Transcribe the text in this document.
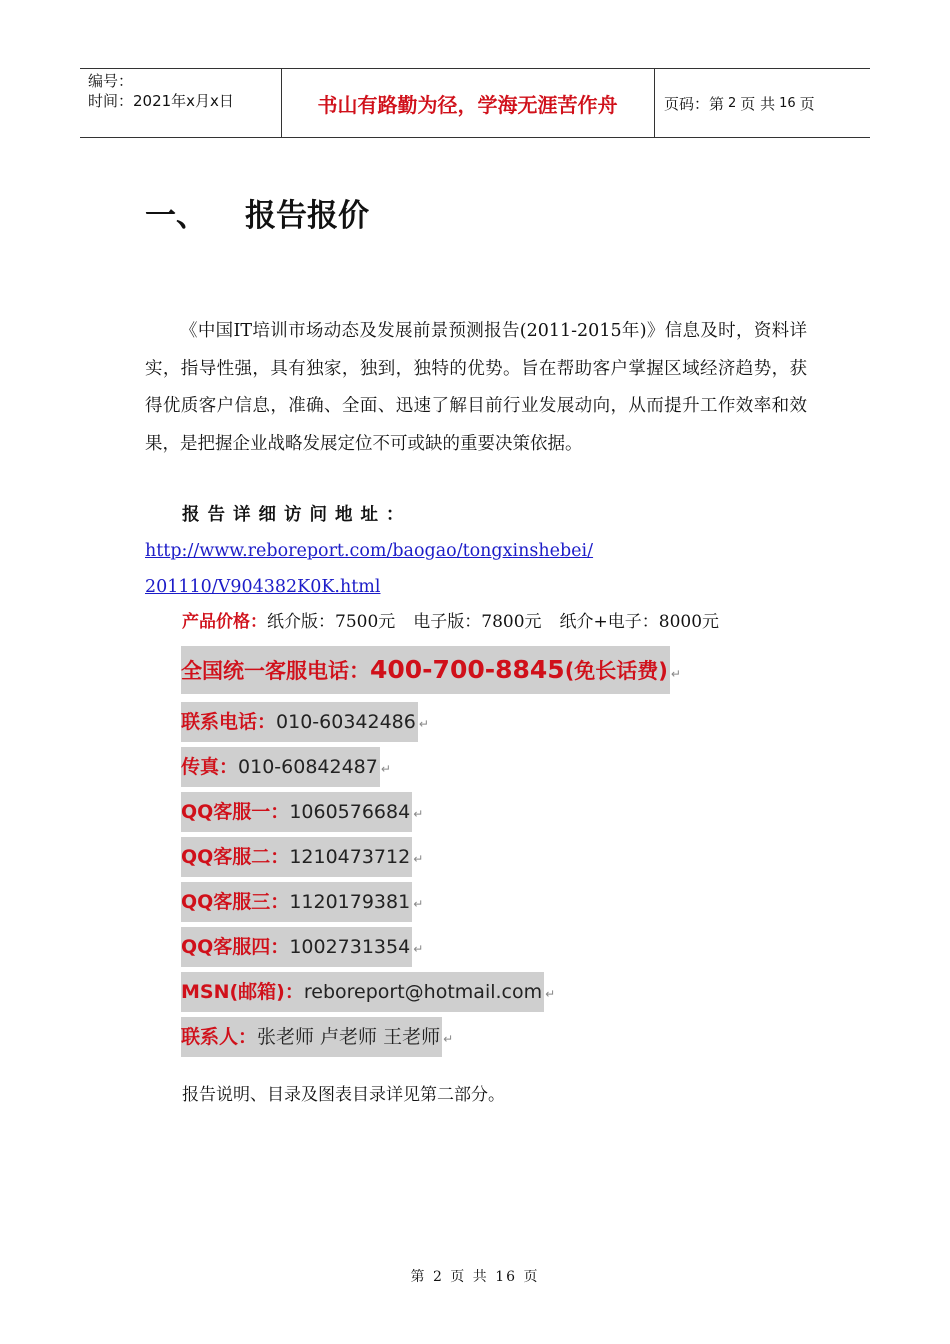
编号：
时间：2021年x月x日	书山有路勤为径，学海无涯苦作舟	页码：第 2 页 共 16 页
一、 报告报价
《中国IT培训市场动态及发展前景预测报告(2011-2015年)》信息及时，资料详实，指导性强，具有独家，独到，独特的优势。旨在帮助客户掌握区域经济趋势，获得优质客户信息，准确、全面、迅速了解目前行业发展动向，从而提升工作效率和效果，是把握企业战略发展定位不可或缺的重要决策依据。
报告详细访问地址： http://www.reboreport.com/baogao/tongxinshebei/
201110/V904382K0K.html
产品价格：纸介版：7500元 电子版：7800元 纸介+电子：8000元
全国统一客服电话：400-700-8845(免长话费) ↵
联系电话：010-60342486 ↵
传真：010-60842487 ↵
QQ客服一：1060576684 ↵
QQ客服二：1210473712 ↵
QQ客服三：1120179381 ↵
QQ客服四：1002731354 ↵
MSN(邮箱)：reboreport@hotmail.com ↵
联系人：张老师 卢老师 王老师 ↵
报告说明、目录及图表目录详见第二部分。
第 2 页 共 16 页
